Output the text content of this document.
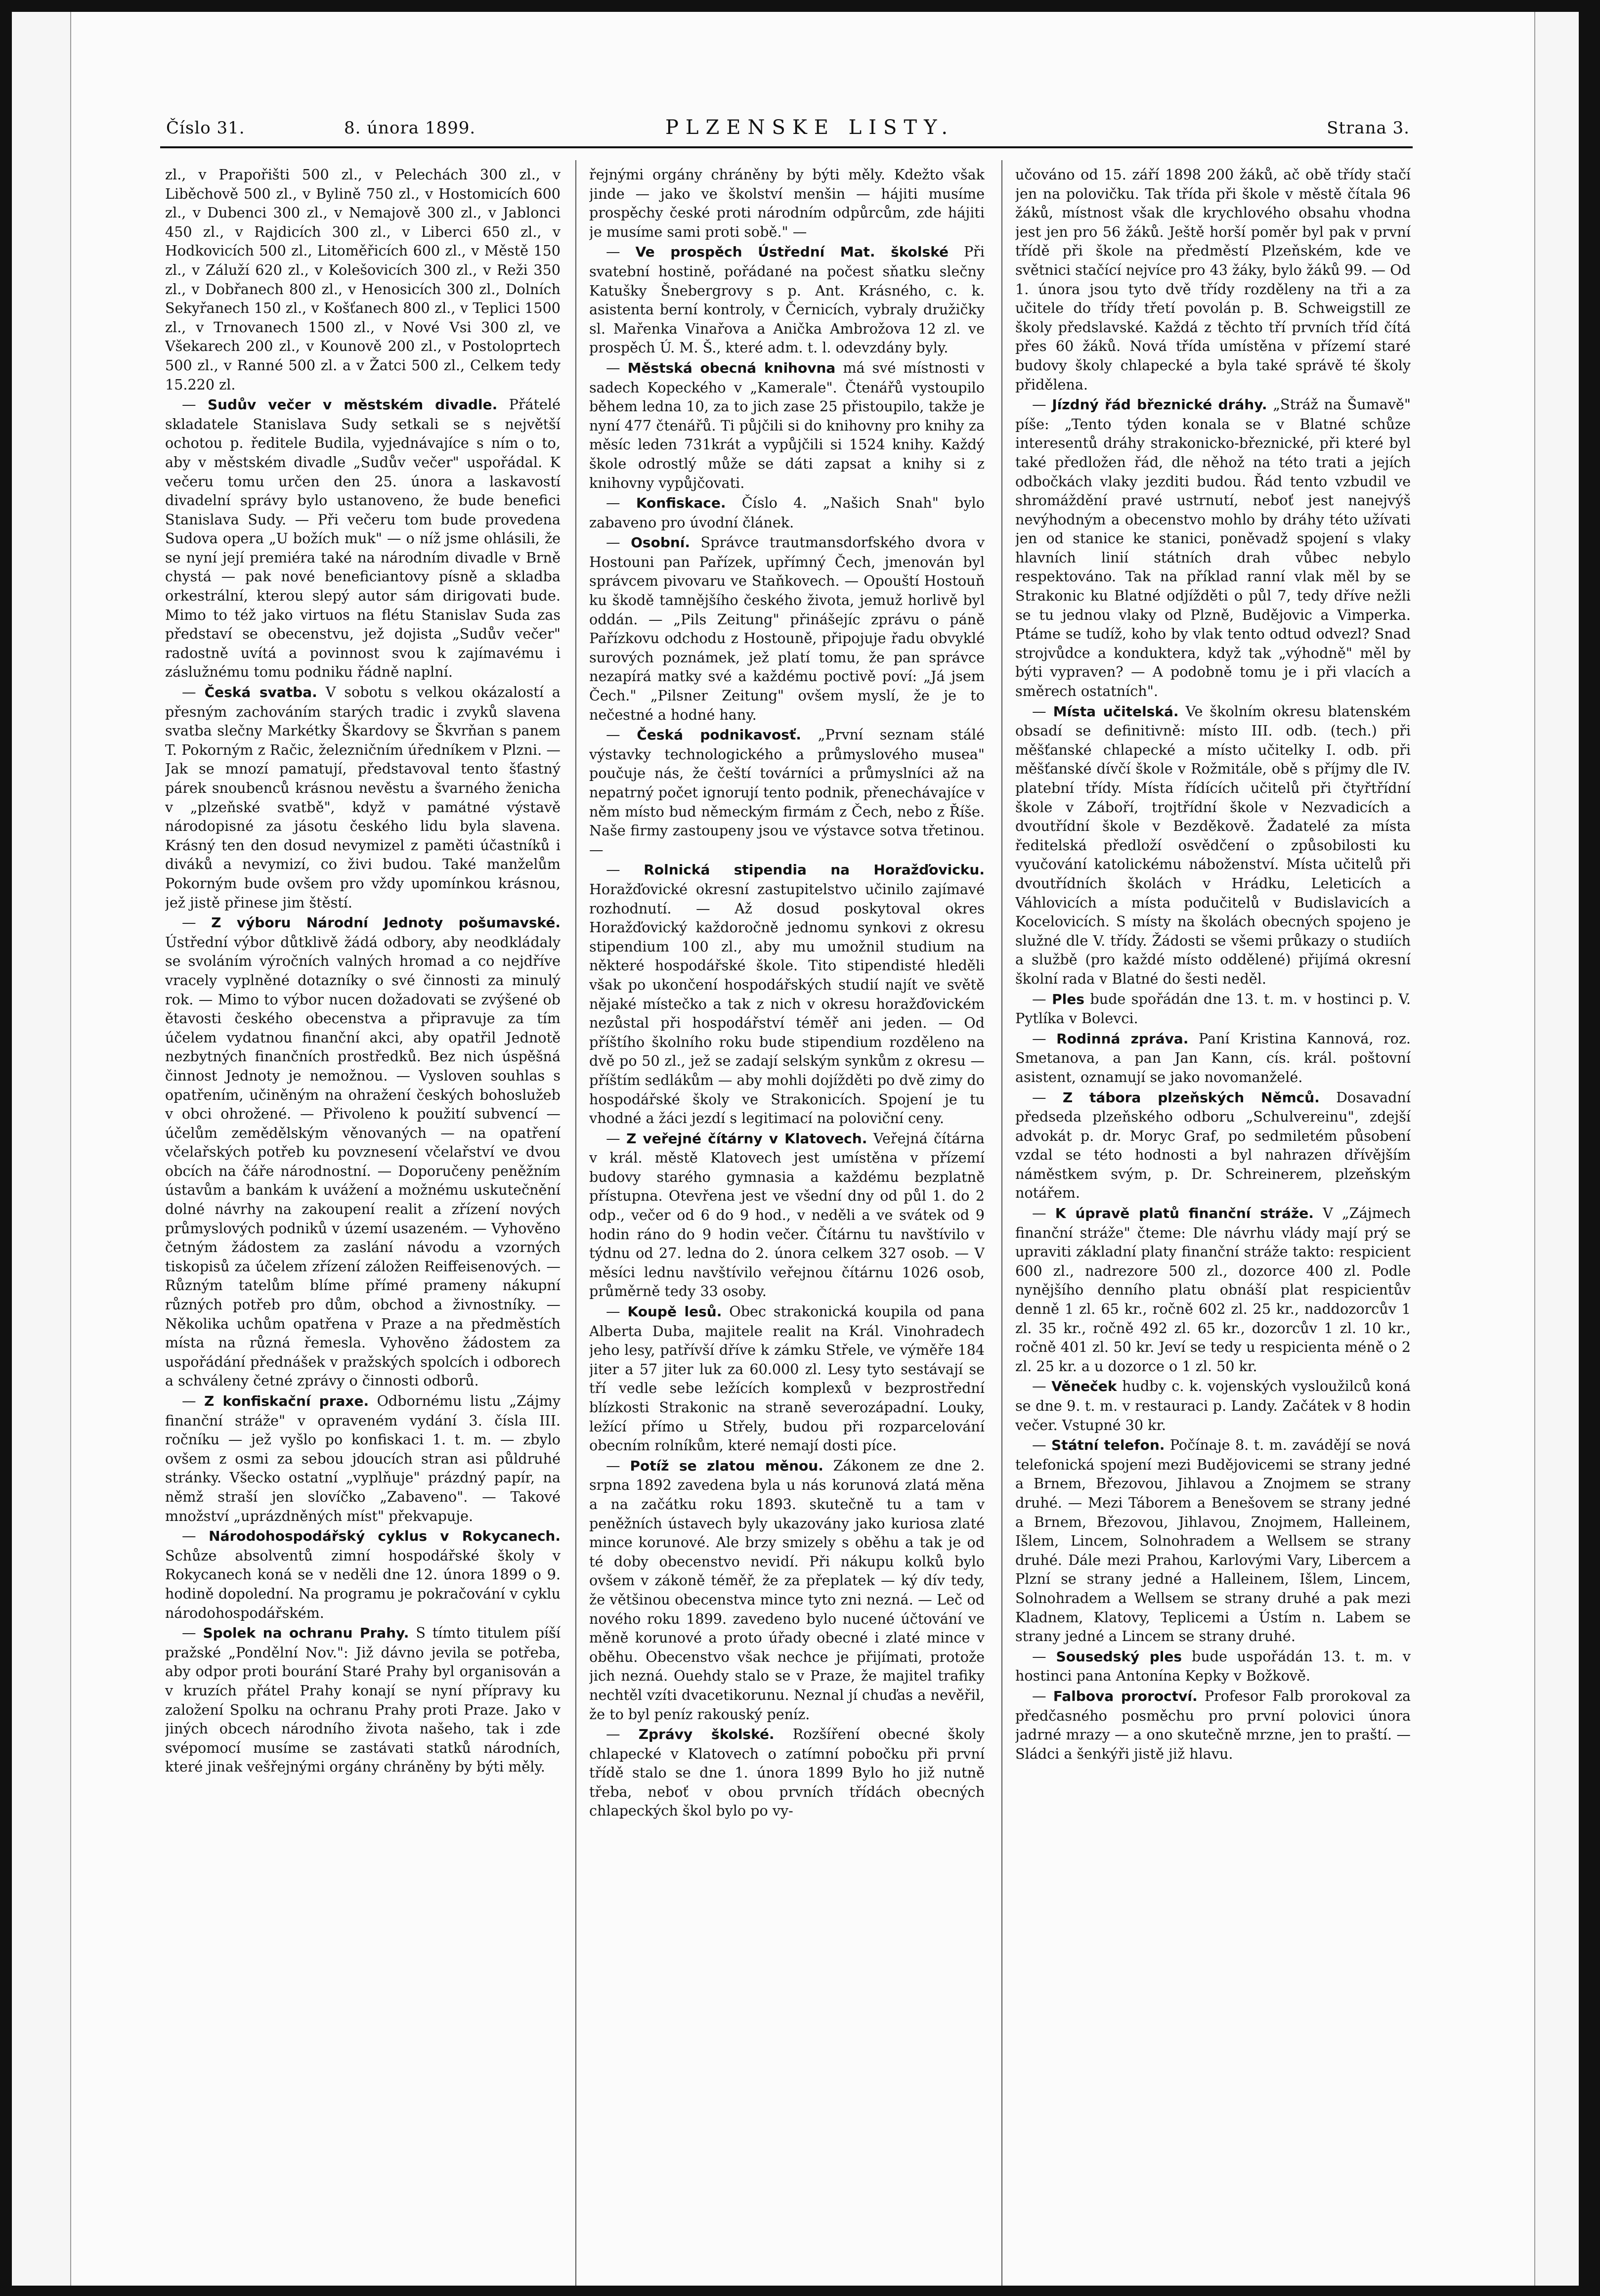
Číslo 31.	8. února 1899.	PLZENSKE LISTY.	Strana 3.

zl., v Prapořišti 500 zl., v Pelechách 300 zl., v Liběchově 500 zl., v Bylině 750 zl., v Hostomicích 600 zl., v Dubenci 300 zl., v Nemajově 300 zl., v Jablonci 450 zl., v Rajdicích 300 zl., v Liberci 650 zl., v Hodkovicích 500 zl., Litoměřicích 600 zl., v Městě 150 zl., v Záluží 620 zl., v Kolešovicích 300 zl., v Reži 350 zl., v Dobřanech 800 zl., v Henosicích 300 zl., Dolních Sekyřanech 150 zl., v Košťanech 800 zl., v Teplici 1500 zl., v Trnovanech 1500 zl., v Nové Vsi 300 zl, ve Všekarech 200 zl., v Kounově 200 zl., v Postoloprtech 500 zl., v Ranné 500 zl. a v Žatci 500 zl., Celkem tedy 15.220 zl.

— Sudův večer v městském divadle. Přátelé skladatele Stanislava Sudy setkali se s největší ochotou p. ředitele Budila, vyjednávajíce s ním o to, aby v městském divadle „Sudův večer" uspořádal. K večeru tomu určen den 25. února a laskavostí divadelní správy bylo ustanoveno, že bude benefici Stanislava Sudy. — Při večeru tom bude provedena Sudova opera „U božích muk" — o níž jsme ohlásili, že se nyní její premiéra také na národním divadle v Brně chystá — pak nové beneficiantovy písně a skladba orkestrální, kterou slepý autor sám dirigovati bude. Mimo to též jako virtuos na flétu Stanislav Suda zas představí se obecenstvu, jež dojista „Sudův večer" radostně uvítá a povinnost svou k zajímavému i záslužnému tomu podniku řádně naplní.

— Česká svatba. V sobotu s velkou okázalostí a přesným zachováním starých tradic i zvyků slavena svatba slečny Markétky Škardovy se Škvrňan s panem T. Pokorným z Račic, železničním úředníkem v Plzni. — Jak se mnozí pamatují, představoval tento šťastný párek snoubenců krásnou nevěstu a švarného ženicha v „plzeňské svatbě", když v památné výstavě národopisné za jásotu českého lidu byla slavena. Krásný ten den dosud nevymizel z paměti účastníků i diváků a nevymizí, co živi budou. Také manželům Pokorným bude ovšem pro vždy upomínkou krásnou, jež jistě přinese jim štěstí.

— Z výboru Národní Jednoty pošumavské. Ústřední výbor důtklivě žádá odbory, aby neodkládaly se svoláním výročních valných hromad a co nejdříve vracely vyplněné dotazníky o své činnosti za minulý rok. — Mimo to výbor nucen dožadovati se zvýšené ob ětavosti českého obecenstva a připravuje za tím účelem vydatnou finanční akci, aby opatřil Jednotě nezbytných finančních prostředků. Bez nich úspěšná činnost Jednoty je nemožnou. — Vysloven souhlas s opatřením, učiněným na ohražení českých bohoslužeb v obci ohrožené. — Přivoleno k použití subvencí — účelům zemědělským věnovaných — na opatření včelařských potřeb ku povznesení včelařství ve dvou obcích na čáře národnostní. — Doporučeny peněžním ústavům a bankám k uvážení a možnému uskutečnění dolné návrhy na zakoupení realit a zřízení nových průmyslových podniků v území usazeném. — Vyhověno četným žádostem za zaslání návodu a vzorných tiskopisů za účelem zřízení záložen Reiffeisenových. — Různým tatelům blíme přímé prameny nákupní různých potřeb pro dům, obchod a živnostníky. — Několika uchům opatřena v Praze a na předměstích místa na různá řemesla. Vyhověno žádostem za uspořádání přednášek v pražských spolcích i odborech a schváleny četné zprávy o činnosti odborů.

— Z konfiskační praxe. Odbornému listu „Zájmy finanční stráže" v opraveném vydání 3. čísla III. ročníku — jež vyšlo po konfiskaci 1. t. m. — zbylo ovšem z osmi za sebou jdoucích stran asi půldruhé stránky. Všecko ostatní „vyplňuje" prázdný papír, na němž straší jen slovíčko „Zabaveno". — Takové množství „uprázdněných míst" překvapuje.

— Národohospodářský cyklus v Rokycanech. Schůze absolventů zimní hospodářské školy v Rokycanech koná se v neděli dne 12. února 1899 o 9. hodině dopolední. Na programu je pokračování v cyklu národohospodářském.

— Spolek na ochranu Prahy. S tímto titulem píší pražské „Pondělní Nov.": Již dávno jevila se potřeba, aby odpor proti bourání Staré Prahy byl organisován a v kruzích přátel Prahy konají se nyní přípravy ku založení Spolku na ochranu Prahy proti Praze. Jako v jiných obcech národního života našeho, tak i zde svépomocí musíme se zastávati statků národních, které jinak vešřejnými orgány chráněny by býti měly.

řejnými orgány chráněny by býti měly. Kdežto však jinde — jako ve školství menšin — hájiti musíme prospěchy české proti národním odpůrcům, zde hájiti je musíme sami proti sobě." —

— Ve prospěch Ústřední Mat. školské Při svatební hostině, pořádané na počest sňatku slečny Katušky Šnebergrovy s p. Ant. Krásného, c. k. asistenta berní kontroly, v Černicích, vybraly družičky sl. Mařenka Vinařova a Anička Ambrožova 12 zl. ve prospěch Ú. M. Š., které adm. t. l. odevzdány byly.

— Městská obecná knihovna má své místnosti v sadech Kopeckého v „Kamerale". Čtenářů vystoupilo během ledna 10, za to jich zase 25 přistoupilo, takže je nyní 477 čtenářů. Ti půjčili si do knihovny pro knihy za měsíc leden 731krát a vypůjčili si 1524 knihy. Každý škole odrostlý může se dáti zapsat a knihy si z knihovny vypůjčovati.

— Konfiskace. Číslo 4. „Našich Snah" bylo zabaveno pro úvodní článek.

— Osobní. Správce trautmansdorfského dvora v Hostouni pan Pařízek, upřímný Čech, jmenován byl správcem pivovaru ve Staňkovech. — Opouští Hostouň ku škodě tamnějšího českého života, jemuž horlivě byl oddán. — „Pils Zeitung" přinášejíc zprávu o páně Pařízkovu odchodu z Hostouně, připojuje řadu obvyklé surových poznámek, jež platí tomu, že pan správce nezapírá matky své a každému poctivě poví: „Já jsem Čech." „Pilsner Zeitung" ovšem myslí, že je to nečestné a hodné hany.

— Česká podnikavosť. „První seznam stálé výstavky technologického a průmyslového musea" poučuje nás, že čeští továrníci a průmyslníci až na nepatrný počet ignorují tento podnik, přenechávajíce v něm místo bud německým firmám z Čech, nebo z Říše. Naše firmy zastoupeny jsou ve výstavce sotva třetinou. —

— Rolnická stipendia na Horažďovicku. Horažďovické okresní zastupitelstvo učinilo zajímavé rozhodnutí. — Až dosud poskytoval okres Horažďovický každoročně jednomu synkovi z okresu stipendium 100 zl., aby mu umožnil studium na některé hospodářské škole. Tito stipendisté hleděli však po ukončení hospodářských studií najít ve světě nějaké místečko a tak z nich v okresu horažďovickém nezůstal při hospodářství téměř ani jeden. — Od příštího školního roku bude stipendium rozděleno na dvě po 50 zl., jež se zadají selským synkům z okresu — příštím sedlákům — aby mohli dojížděti po dvě zimy do hospodářské školy ve Strakonicích. Spojení je tu vhodné a žáci jezdí s legitimací na poloviční ceny.

— Z veřejné čítárny v Klatovech. Veřejná čítárna v král. městě Klatovech jest umístěna v přízemí budovy starého gymnasia a každému bezplatně přístupna. Otevřena jest ve všední dny od půl 1. do 2 odp., večer od 6 do 9 hod., v neděli a ve svátek od 9 hodin ráno do 9 hodin večer. Čítárnu tu navštívilo v týdnu od 27. ledna do 2. února celkem 327 osob. — V měsíci lednu navštívilo veřejnou čítárnu 1026 osob, průměrně tedy 33 osoby.

— Koupě lesů. Obec strakonická koupila od pana Alberta Duba, majitele realit na Král. Vinohradech jeho lesy, patřívší dříve k zámku Střele, ve výměře 184 jiter a 57 jiter luk za 60.000 zl. Lesy tyto sestávají se tří vedle sebe ležících komplexů v bezprostřední blízkosti Strakonic na straně severozápadní. Louky, ležící přímo u Střely, budou při rozparcelování obecním rolníkům, které nemají dosti píce.

— Potíž se zlatou měnou. Zákonem ze dne 2. srpna 1892 zavedena byla u nás korunová zlatá měna a na začátku roku 1893. skutečně tu a tam v peněžních ústavech byly ukazovány jako kuriosa zlaté mince korunové. Ale brzy smizely s oběhu a tak je od té doby obecenstvo nevidí. Při nákupu kolků bylo ovšem v zákoně téměř, že za přeplatek — ký dív tedy, že většinou obecenstva mince tyto zni nezná. — Leč od nového roku 1899. zavedeno bylo nucené účtování ve měně korunové a proto úřady obecné i zlaté mince v oběhu. Obecenstvo však nechce je přijímati, protože jich nezná. Ouehdy stalo se v Praze, že majitel trafiky nechtěl vzíti dvacetikorunu. Neznal jí chuďas a nevěřil, že to byl peníz rakouský peníz.

— Zprávy školské. Rozšíření obecné školy chlapecké v Klatovech o zatímní pobočku při první třídě stalo se dne 1. února 1899 Bylo ho již nutně třeba, neboť v obou prvních třídách obecných chlapeckých škol bylo po vy-

učováno od 15. září 1898 200 žáků, ač obě třídy stačí jen na polovičku. Tak třída při škole v městě čítala 96 žáků, místnost však dle krychlového obsahu vhodna jest jen pro 56 žáků. Ještě horší poměr byl pak v první třídě při škole na předměstí Plzeňském, kde ve světnici stačící nejvíce pro 43 žáky, bylo žáků 99. — Od 1. února jsou tyto dvě třídy rozděleny na tři a za učitele do třídy třetí povolán p. B. Schweigstill ze školy předslavské. Každá z těchto tří prvních tříd čítá přes 60 žáků. Nová třída umístěna v přízemí staré budovy školy chlapecké a byla také správě té školy přidělena.

— Jízdný řád březnické dráhy. „Stráž na Šumavě" píše: „Tento týden konala se v Blatné schůze interesentů dráhy strakonicko-březnické, při které byl také předložen řád, dle něhož na této trati a jejích odbočkách vlaky jezditi budou. Řád tento vzbudil ve shromáždění pravé ustrnutí, neboť jest nanejvýš nevýhodným a obecenstvo mohlo by dráhy této užívati jen od stanice ke stanici, poněvadž spojení s vlaky hlavních linií státních drah vůbec nebylo respektováno. Tak na příklad ranní vlak měl by se Strakonic ku Blatné odjížděti o půl 7, tedy dříve nežli se tu jednou vlaky od Plzně, Budějovic a Vimperka. Ptáme se tudíž, koho by vlak tento odtud odvezl? Snad strojvůdce a konduktera, když tak „výhodně" měl by býti vypraven? — A podobně tomu je i při vlacích a směrech ostatních".

— Místa učitelská. Ve školním okresu blatenském obsadí se definitivně: místo III. odb. (tech.) při měšťanské chlapecké a místo učitelky I. odb. při měšťanské dívčí škole v Rožmitále, obě s příjmy dle IV. platební třídy. Místa řídících učitelů při čtyřtřídní škole v Záboří, trojtřídní škole v Nezvadicích a dvoutřídní škole v Bezděkově. Žadatelé za místa ředitelská předloží osvědčení o způsobilosti ku vyučování katolickému náboženství. Místa učitelů při dvoutřídních školách v Hrádku, Leleticích a Váhlovicích a místa podučitelů v Budislavicích a Kocelovicích. S místy na školách obecných spojeno je služné dle V. třídy. Žádosti se všemi průkazy o studiích a službě (pro každé místo oddělené) přijímá okresní školní rada v Blatné do šesti neděl.

— Ples bude spořádán dne 13. t. m. v hostinci p. V. Pytlíka v Bolevci.

— Rodinná zpráva. Paní Kristina Kannová, roz. Smetanova, a pan Jan Kann, cís. král. poštovní asistent, oznamují se jako novomanželé.

— Z tábora plzeňských Němců. Dosavadní předseda plzeňského odboru „Schulvereinu", zdejší advokát p. dr. Moryc Graf, po sedmiletém působení vzdal se této hodnosti a byl nahrazen dřívějším náměstkem svým, p. Dr. Schreinerem, plzeňským notářem.

— K úpravě platů finanční stráže. V „Zájmech finanční stráže" čteme: Dle návrhu vlády mají prý se upraviti základní platy finanční stráže takto: respicient 600 zl., nadrezore 500 zl., dozorce 400 zl. Podle nynějšího denního platu obnáší plat respicientův denně 1 zl. 65 kr., ročně 602 zl. 25 kr., naddozorcův 1 zl. 35 kr., ročně 492 zl. 65 kr., dozorcův 1 zl. 10 kr., ročně 401 zl. 50 kr. Jeví se tedy u respicienta méně o 2 zl. 25 kr. a u dozorce o 1 zl. 50 kr.

— Věneček hudby c. k. vojenských vysloužilců koná se dne 9. t. m. v restauraci p. Landy. Začátek v 8 hodin večer. Vstupné 30 kr.

— Státní telefon. Počínaje 8. t. m. zavádějí se nová telefonická spojení mezi Budějovicemi se strany jedné a Brnem, Březovou, Jihlavou a Znojmem se strany druhé. — Mezi Táborem a Benešovem se strany jedné a Brnem, Březovou, Jihlavou, Znojmem, Halleinem, Išlem, Lincem, Solnohradem a Wellsem se strany druhé. Dále mezi Prahou, Karlovými Vary, Libercem a Plzní se strany jedné a Halleinem, Išlem, Lincem, Solnohradem a Wellsem se strany druhé a pak mezi Kladnem, Klatovy, Teplicemi a Ústím n. Labem se strany jedné a Lincem se strany druhé.

— Sousedský ples bude uspořádán 13. t. m. v hostinci pana Antonína Kepky v Božkově.

— Falbova proroctví. Profesor Falb prorokoval za předčasného posměchu pro první polovici února jadrné mrazy — a ono skutečně mrzne, jen to praští. — Sládci a šenkýři jistě již hlavu.
